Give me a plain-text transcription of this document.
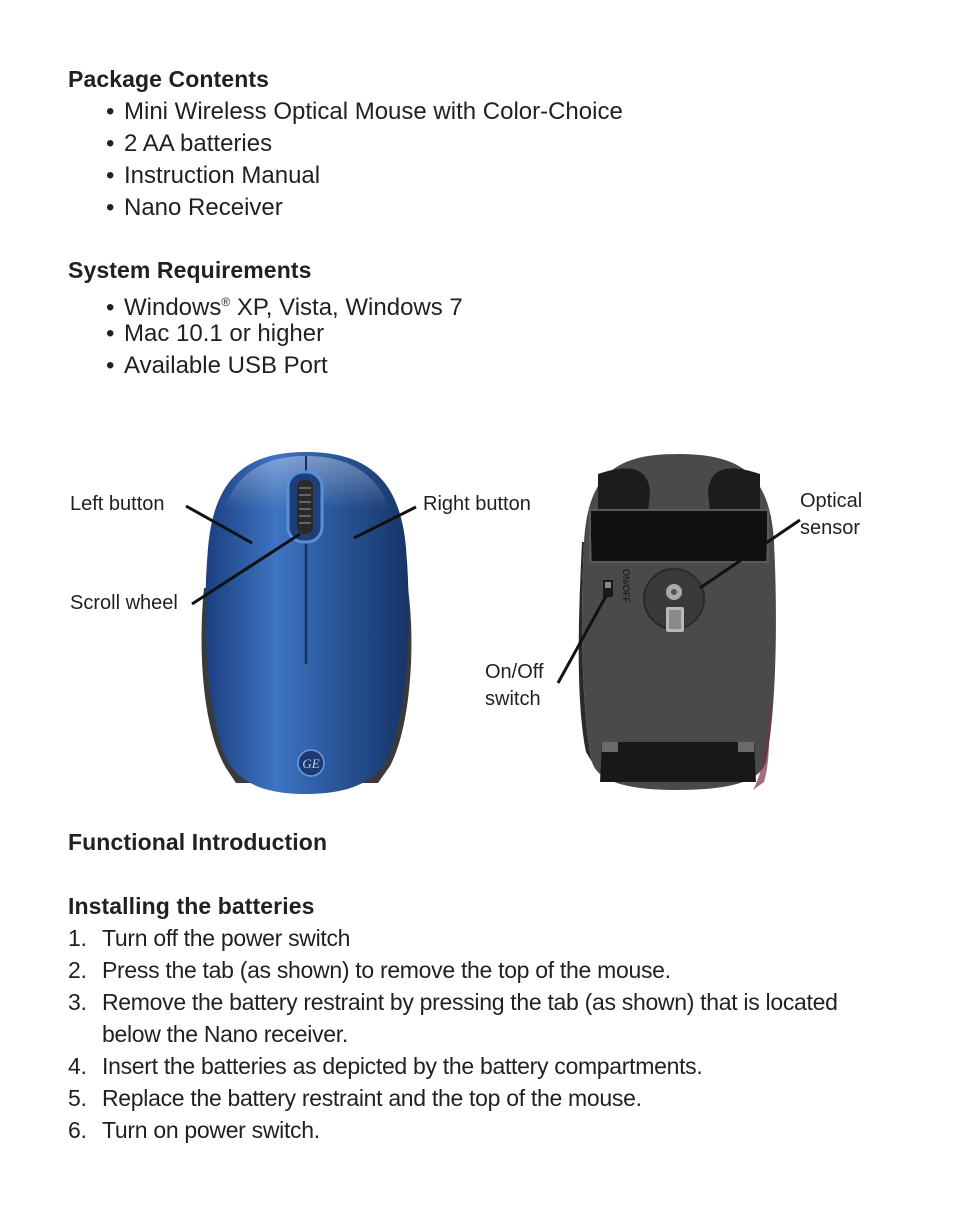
Package Contents
• Mini Wireless Optical Mouse with Color-Choice
• 2 AA batteries
• Instruction Manual
• Nano Receiver
System Requirements
• Windows® XP, Vista, Windows 7
• Mac 10.1 or higher
• Available USB Port
GE
ON/OFF
Left button	Right button
Scroll wheel
Optical sensor
On/Off switch
Functional Introduction
Installing the batteries
1. Turn off the power switch
2. Press the tab (as shown) to remove the top of the mouse.
3. Remove the battery restraint by pressing the tab (as shown) that is located below the Nano receiver.
4. Insert the batteries as depicted by the battery compartments.
5. Replace the battery restraint and the top of the mouse.
6. Turn on power switch.
